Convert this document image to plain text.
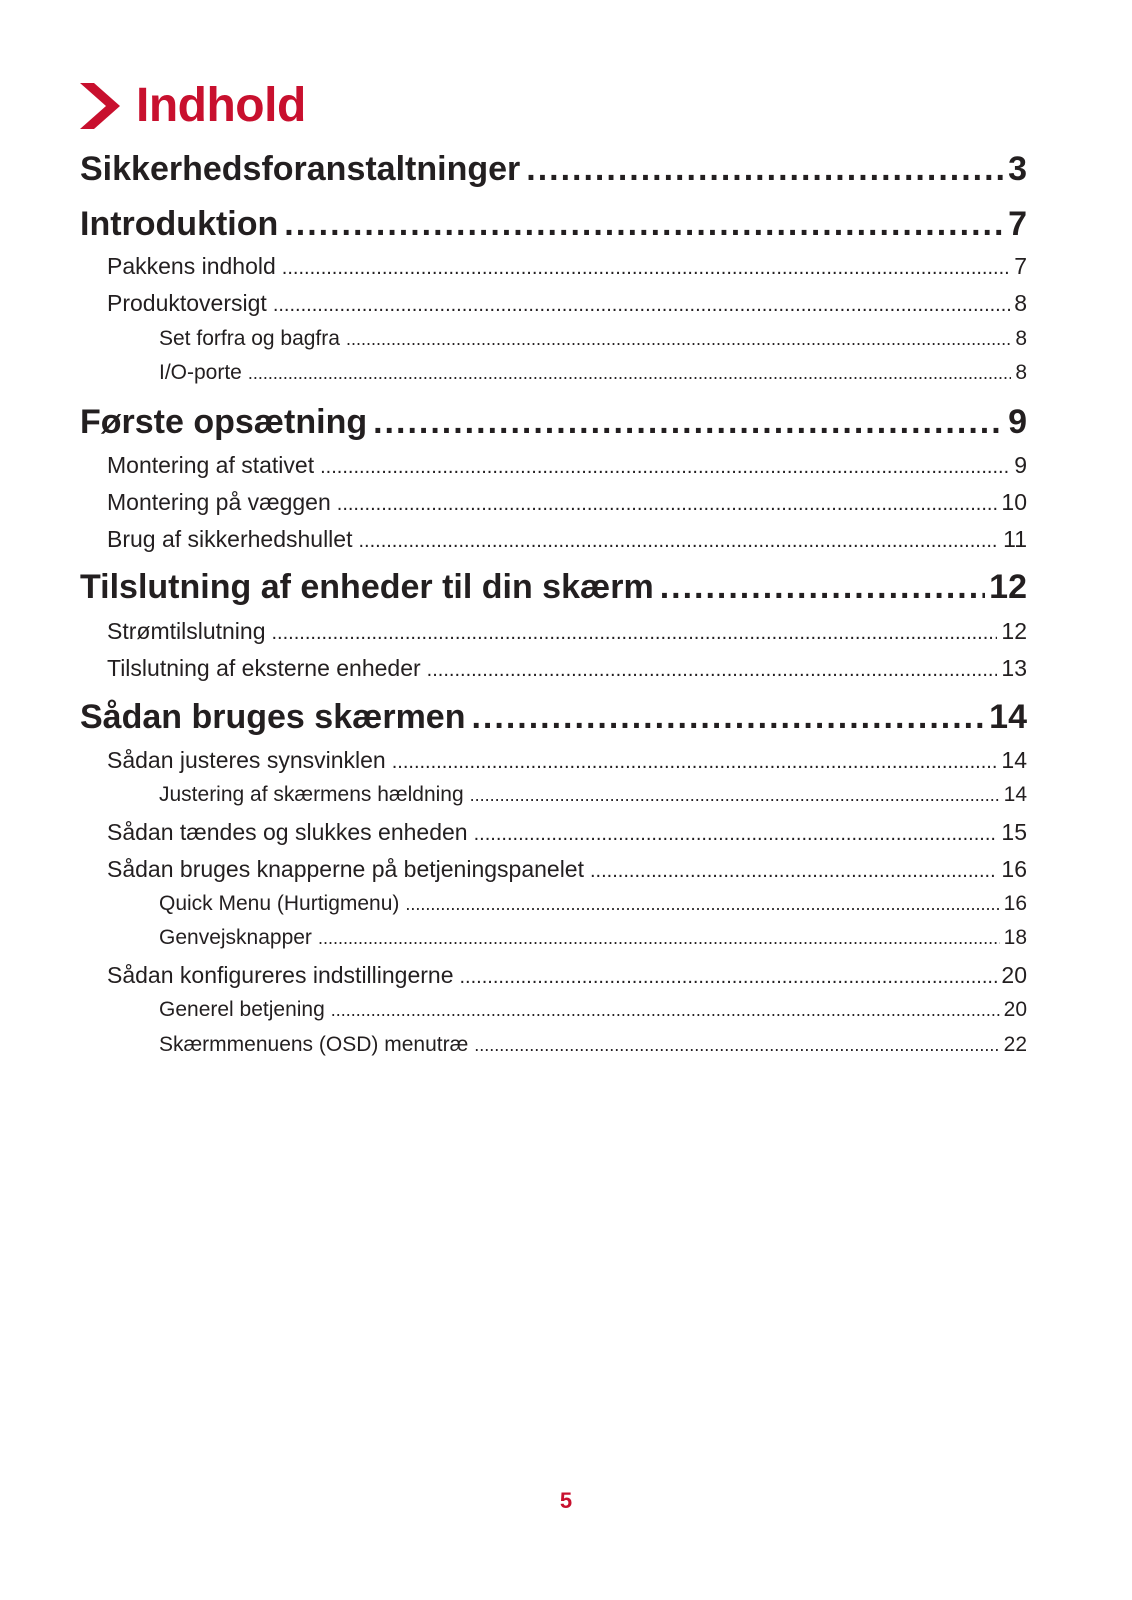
Indhold
Sikkerhedsforanstaltninger .....	3
Introduktion .....	7
Pakkens indhold .....	7
Produktoversigt .....	8
Set forfra og bagfra .....	8
I/O-porte .....	8
Første opsætning .....	9
Montering af stativet .....	9
Montering på væggen .....	10
Brug af sikkerhedshullet .....	11
Tilslutning af enheder til din skærm .....	12
Strømtilslutning .....	12
Tilslutning af eksterne enheder .....	13
Sådan bruges skærmen .....	14
Sådan justeres synsvinklen .....	14
Justering af skærmens hældning .....	14
Sådan tændes og slukkes enheden .....	15
Sådan bruges knapperne på betjeningspanelet .....	16
Quick Menu (Hurtigmenu) .....	16
Genvejsknapper .....	18
Sådan konfigureres indstillingerne .....	20
Generel betjening .....	20
Skærmmenuens (OSD) menutræ .....	22
5
